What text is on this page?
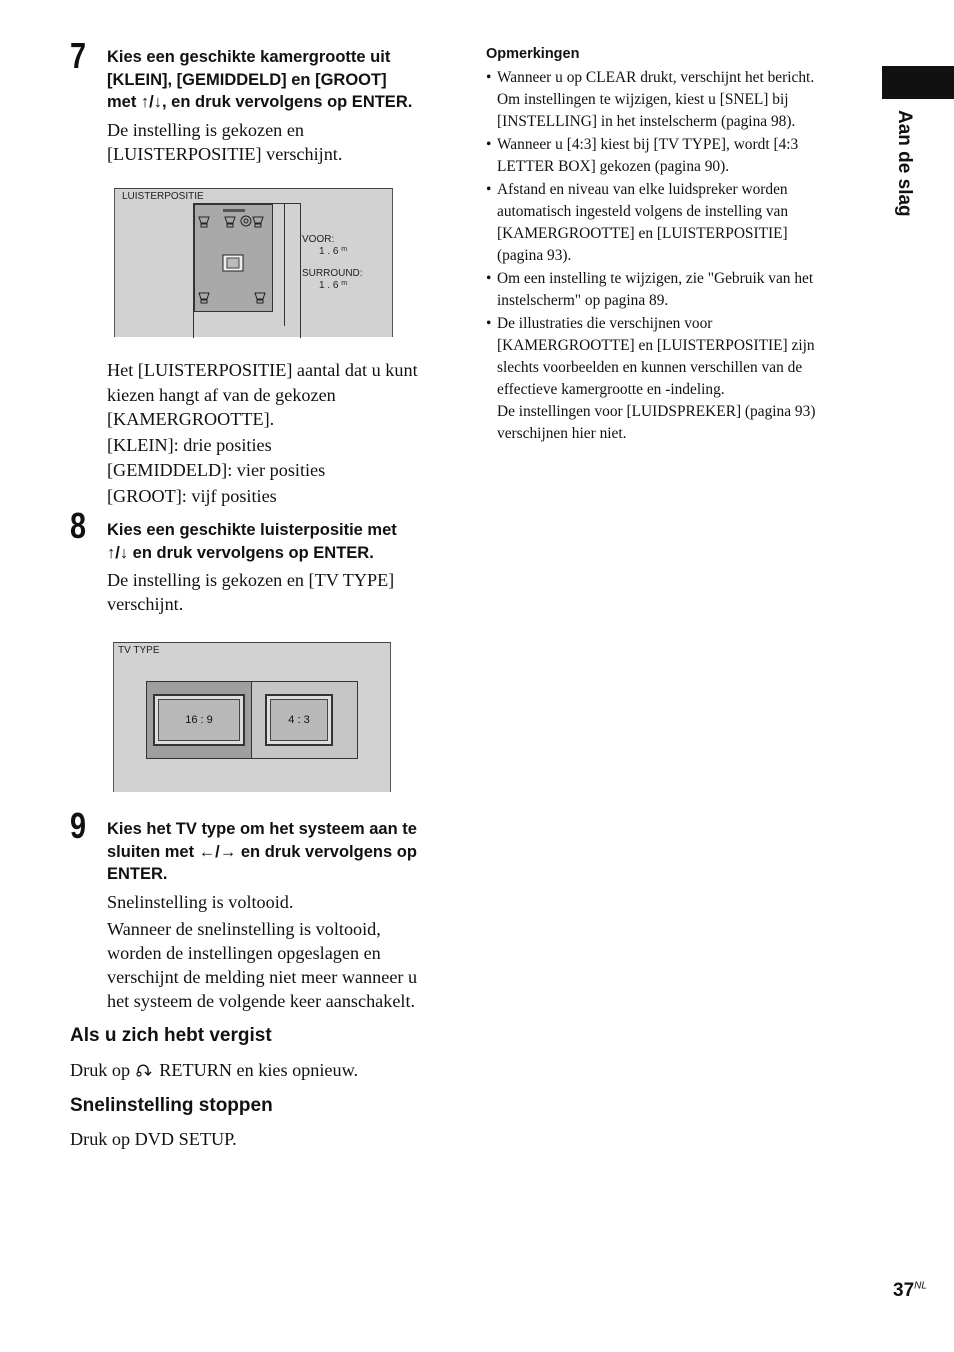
Aan de slag
7 Kies een geschikte kamergrootte uit
[KLEIN], [GEMIDDELD] en [GROOT]
met ↑/↓, en druk vervolgens op ENTER.

De instelling is gekozen en

[LUISTERPOSITIE] verschijnt.

LUISTERPOSITIE
VOOR:
1 . 6 $^m$
SURROUND:
1 . 6 $^m$

Het [LUISTERPOSITIE] aantal dat u kunt

kiezen hangt af van de gekozen

[KAMERGROOTTE].

[KLEIN]: drie posities

[GEMIDDELD]: vier posities

[GROOT]: vijf posities

8 Kies een geschikte luisterpositie met
↑/↓ en druk vervolgens op ENTER.

De instelling is gekozen en [TV TYPE]

verschijnt.

TV TYPE
16 : 9	4 : 3
9 Kies het TV type om het systeem aan te
sluiten met ←/→ en druk vervolgens op
ENTER.

Snelinstelling is voltooid.

Wanneer de snelinstelling is voltooid,

worden de instellingen opgeslagen en

verschijnt de melding niet meer wanneer u

het systeem de volgende keer aanschakelt.

Als u zich hebt vergist
Druk op RETURN en kies opnieuw.
Snelinstelling stoppen
Druk op DVD SETUP.
Opmerkingen
• Wanneer u op CLEAR drukt, verschijnt het bericht.
Om instellingen te wijzigen, kiest u [SNEL] bij
[INSTELLING] in het instelscherm (pagina 98).
• Wanneer u [4:3] kiest bij [TV TYPE], wordt [4:3
LETTER BOX] gekozen (pagina 90).
• Afstand en niveau van elke luidspreker worden
automatisch ingesteld volgens de instelling van
[KAMERGROOTTE] en [LUISTERPOSITIE]
(pagina 93).
• Om een instelling te wijzigen, zie "Gebruik van het
instelscherm" op pagina 89.
• De illustraties die verschijnen voor
[KAMERGROOTTE] en [LUISTERPOSITIE] zijn
slechts voorbeelden en kunnen verschillen van de
effectieve kamergrootte en -indeling.
De instellingen voor [LUIDSPREKER] (pagina 93)
verschijnen hier niet.
$37^{NL}$
